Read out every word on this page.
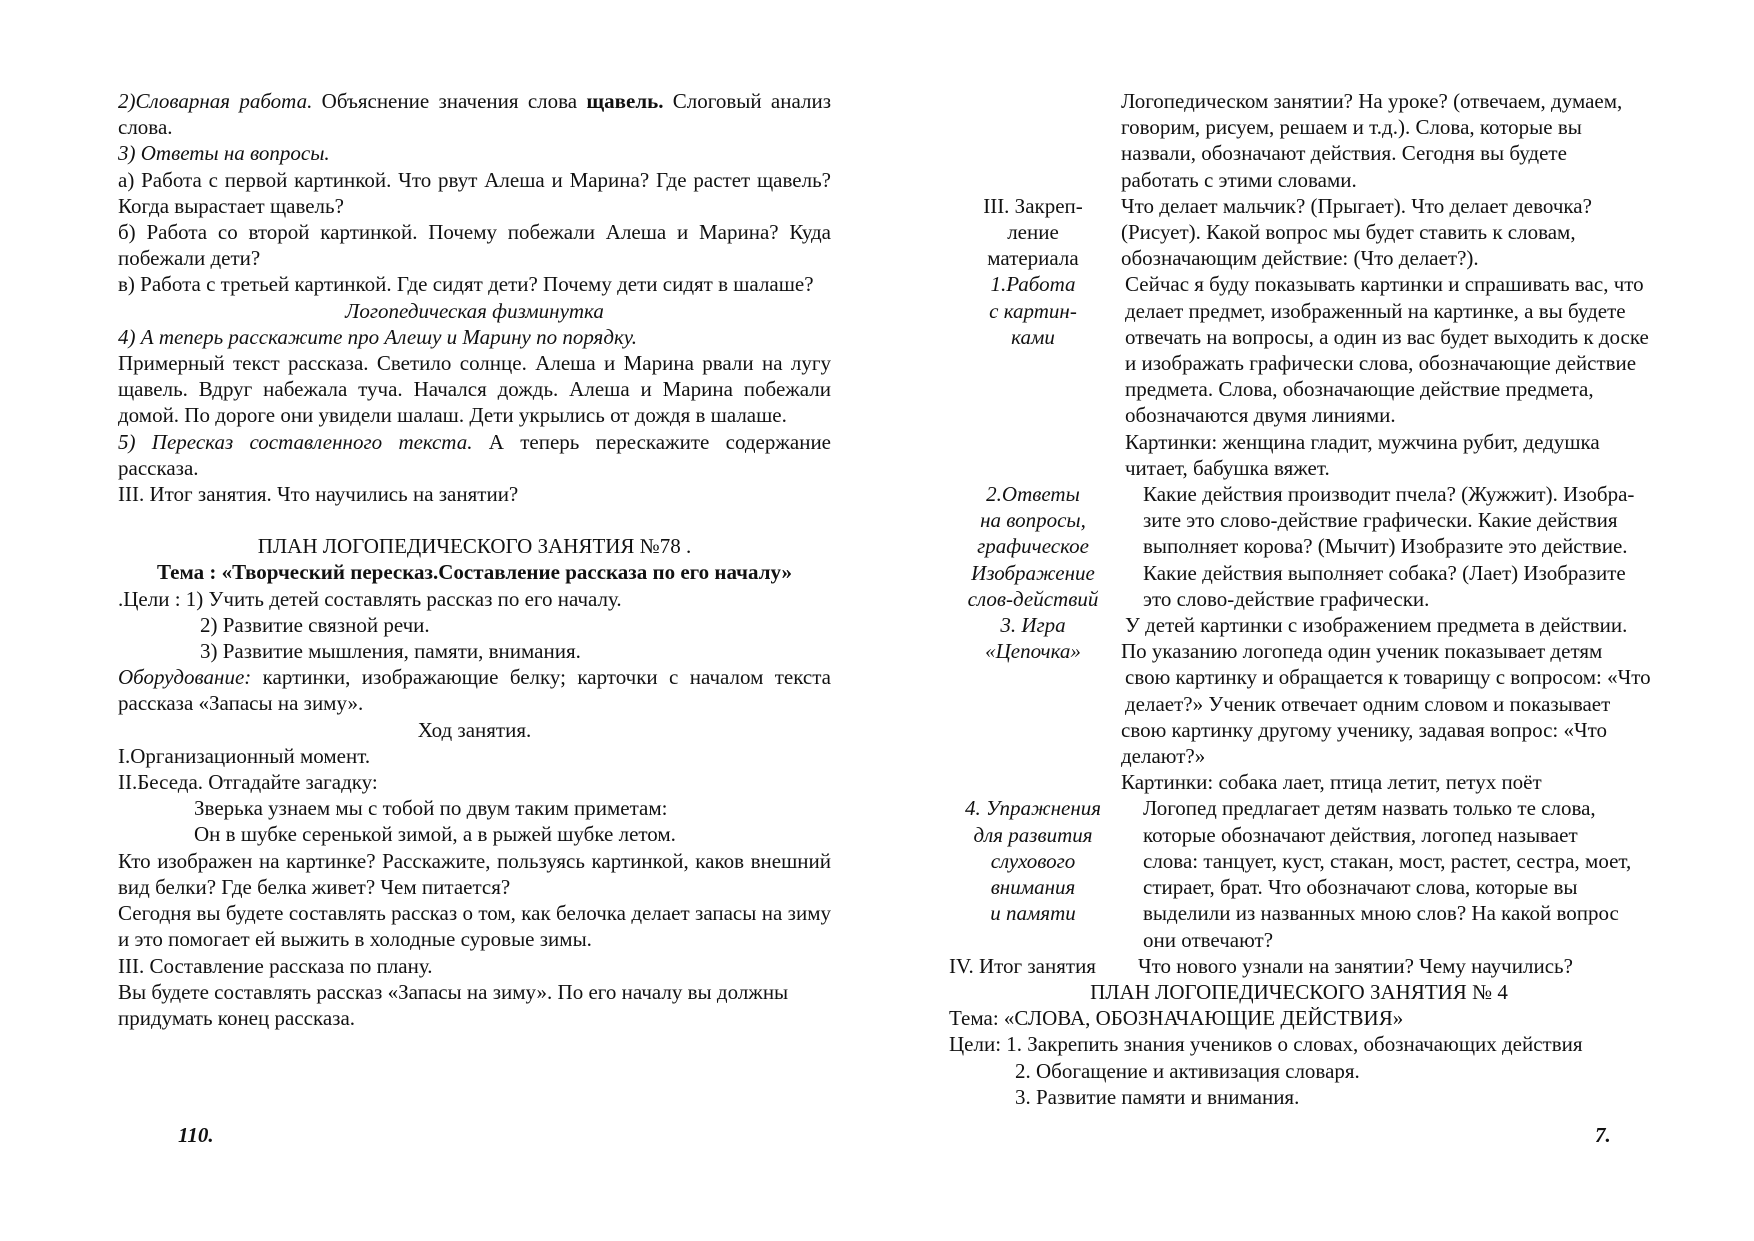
2)Словарная работа. Объяснение значения слова щавель. Слоговый анализ слова.

3) Ответы на вопросы.

а) Работа с первой картинкой. Что рвут Алеша и Марина? Где растет щавель? Когда вырастает щавель?

б) Работа со второй картинкой. Почему побежали Алеша и Марина? Куда побежали дети?

в) Работа с третьей картинкой. Где сидят дети? Почему дети сидят в шалаше?

Логопедическая физминутка

4) А теперь расскажите про Алешу и Марину по порядку.

Примерный текст рассказа. Светило солнце. Алеша и Марина рвали на лугу щавель. Вдруг набежала туча. Начался дождь. Алеша и Марина побежали домой. По дороге они увидели шалаш. Дети укрылись от дождя в шалаше.

5) Пересказ составленного текста. А теперь перескажите содержание рассказа.

III. Итог занятия. Что научились на занятии?

ПЛАН ЛОГОПЕДИЧЕСКОГО ЗАНЯТИЯ №78 .

Тема : «Творческий пересказ.Составление рассказа по его началу»

.Цели : 1) Учить детей составлять рассказ по его началу.

2) Развитие связной речи.

3) Развитие мышления, памяти, внимания.

Оборудование: картинки, изображающие белку; карточки с началом текста рассказа «Запасы на зиму».

Ход занятия.

I.Организационный момент.

II.Беседа. Отгадайте загадку:

Зверька узнаем мы с тобой по двум таким приметам:

Он в шубке серенькой зимой, а в рыжей шубке летом.

Кто изображен на картинке? Расскажите, пользуясь картинкой, каков внешний вид белки? Где белка живет? Чем питается?

Сегодня вы будете составлять рассказ о том, как белочка делает запасы на зиму и это помогает ей выжить в холодные суровые зимы.

III. Составление рассказа по плану.

Вы будете составлять рассказ «Запасы на зиму». По его началу вы должны придумать конец рассказа.

110.

Логопедическом занятии? На уроке? (отвечаем, думаем,

говорим, рисуем, решаем и т.д.). Слова, которые вы

назвали, обозначают действия. Сегодня вы будете

работать с этими словами.

III. Закреп-
ление
материала

Что делает мальчик? (Прыгает). Что делает девочка?

(Рисует). Какой вопрос мы будет ставить к словам,

обозначающим действие: (Что делает?).

1.Работа
с картин-
ками

Сейчас я буду показывать картинки и спрашивать вас, что

делает предмет, изображенный на картинке, а вы будете

отвечать на вопросы, а один из вас будет выходить к доске

и изображать графически слова, обозначающие действие

предмета. Слова, обозначающие действие предмета,

обозначаются двумя линиями.

Картинки: женщина гладит, мужчина рубит, дедушка

читает, бабушка вяжет.

2.Ответы
на вопросы,
графическое
Изображение
слов-действий

Какие действия производит пчела? (Жужжит). Изобра-

зите это слово-действие графически. Какие действия

выполняет корова? (Мычит) Изобразите это действие.

Какие действия выполняет собака? (Лает) Изобразите

это слово-действие графически.

3. Игра
«Цепочка»

У детей картинки с изображением предмета в действии.

По указанию логопеда один ученик показывает детям

свою картинку и обращается к товарищу с вопросом: «Что

делает?» Ученик отвечает одним словом и показывает

свою картинку другому ученику, задавая вопрос: «Что

делают?»

Картинки: собака лает, птица летит, петух поёт

4. Упражнения
для развития
слухового
внимания
и памяти

Логопед предлагает детям назвать только те слова,

которые обозначают действия, логопед называет

слова: танцует, куст, стакан, мост, растет, сестра, моет,

стирает, брат. Что обозначают слова, которые вы

выделили из названных мною слов? На какой вопрос

они отвечают?

IV. Итог занятия        Что нового узнали на занятии? Чему научились?

ПЛАН ЛОГОПЕДИЧЕСКОГО ЗАНЯТИЯ № 4

Тема: «СЛОВА, ОБОЗНАЧАЮЩИЕ ДЕЙСТВИЯ»

Цели: 1. Закрепить знания учеников о словах, обозначающих действия

2. Обогащение и активизация словаря.

3. Развитие памяти и внимания.

7.
